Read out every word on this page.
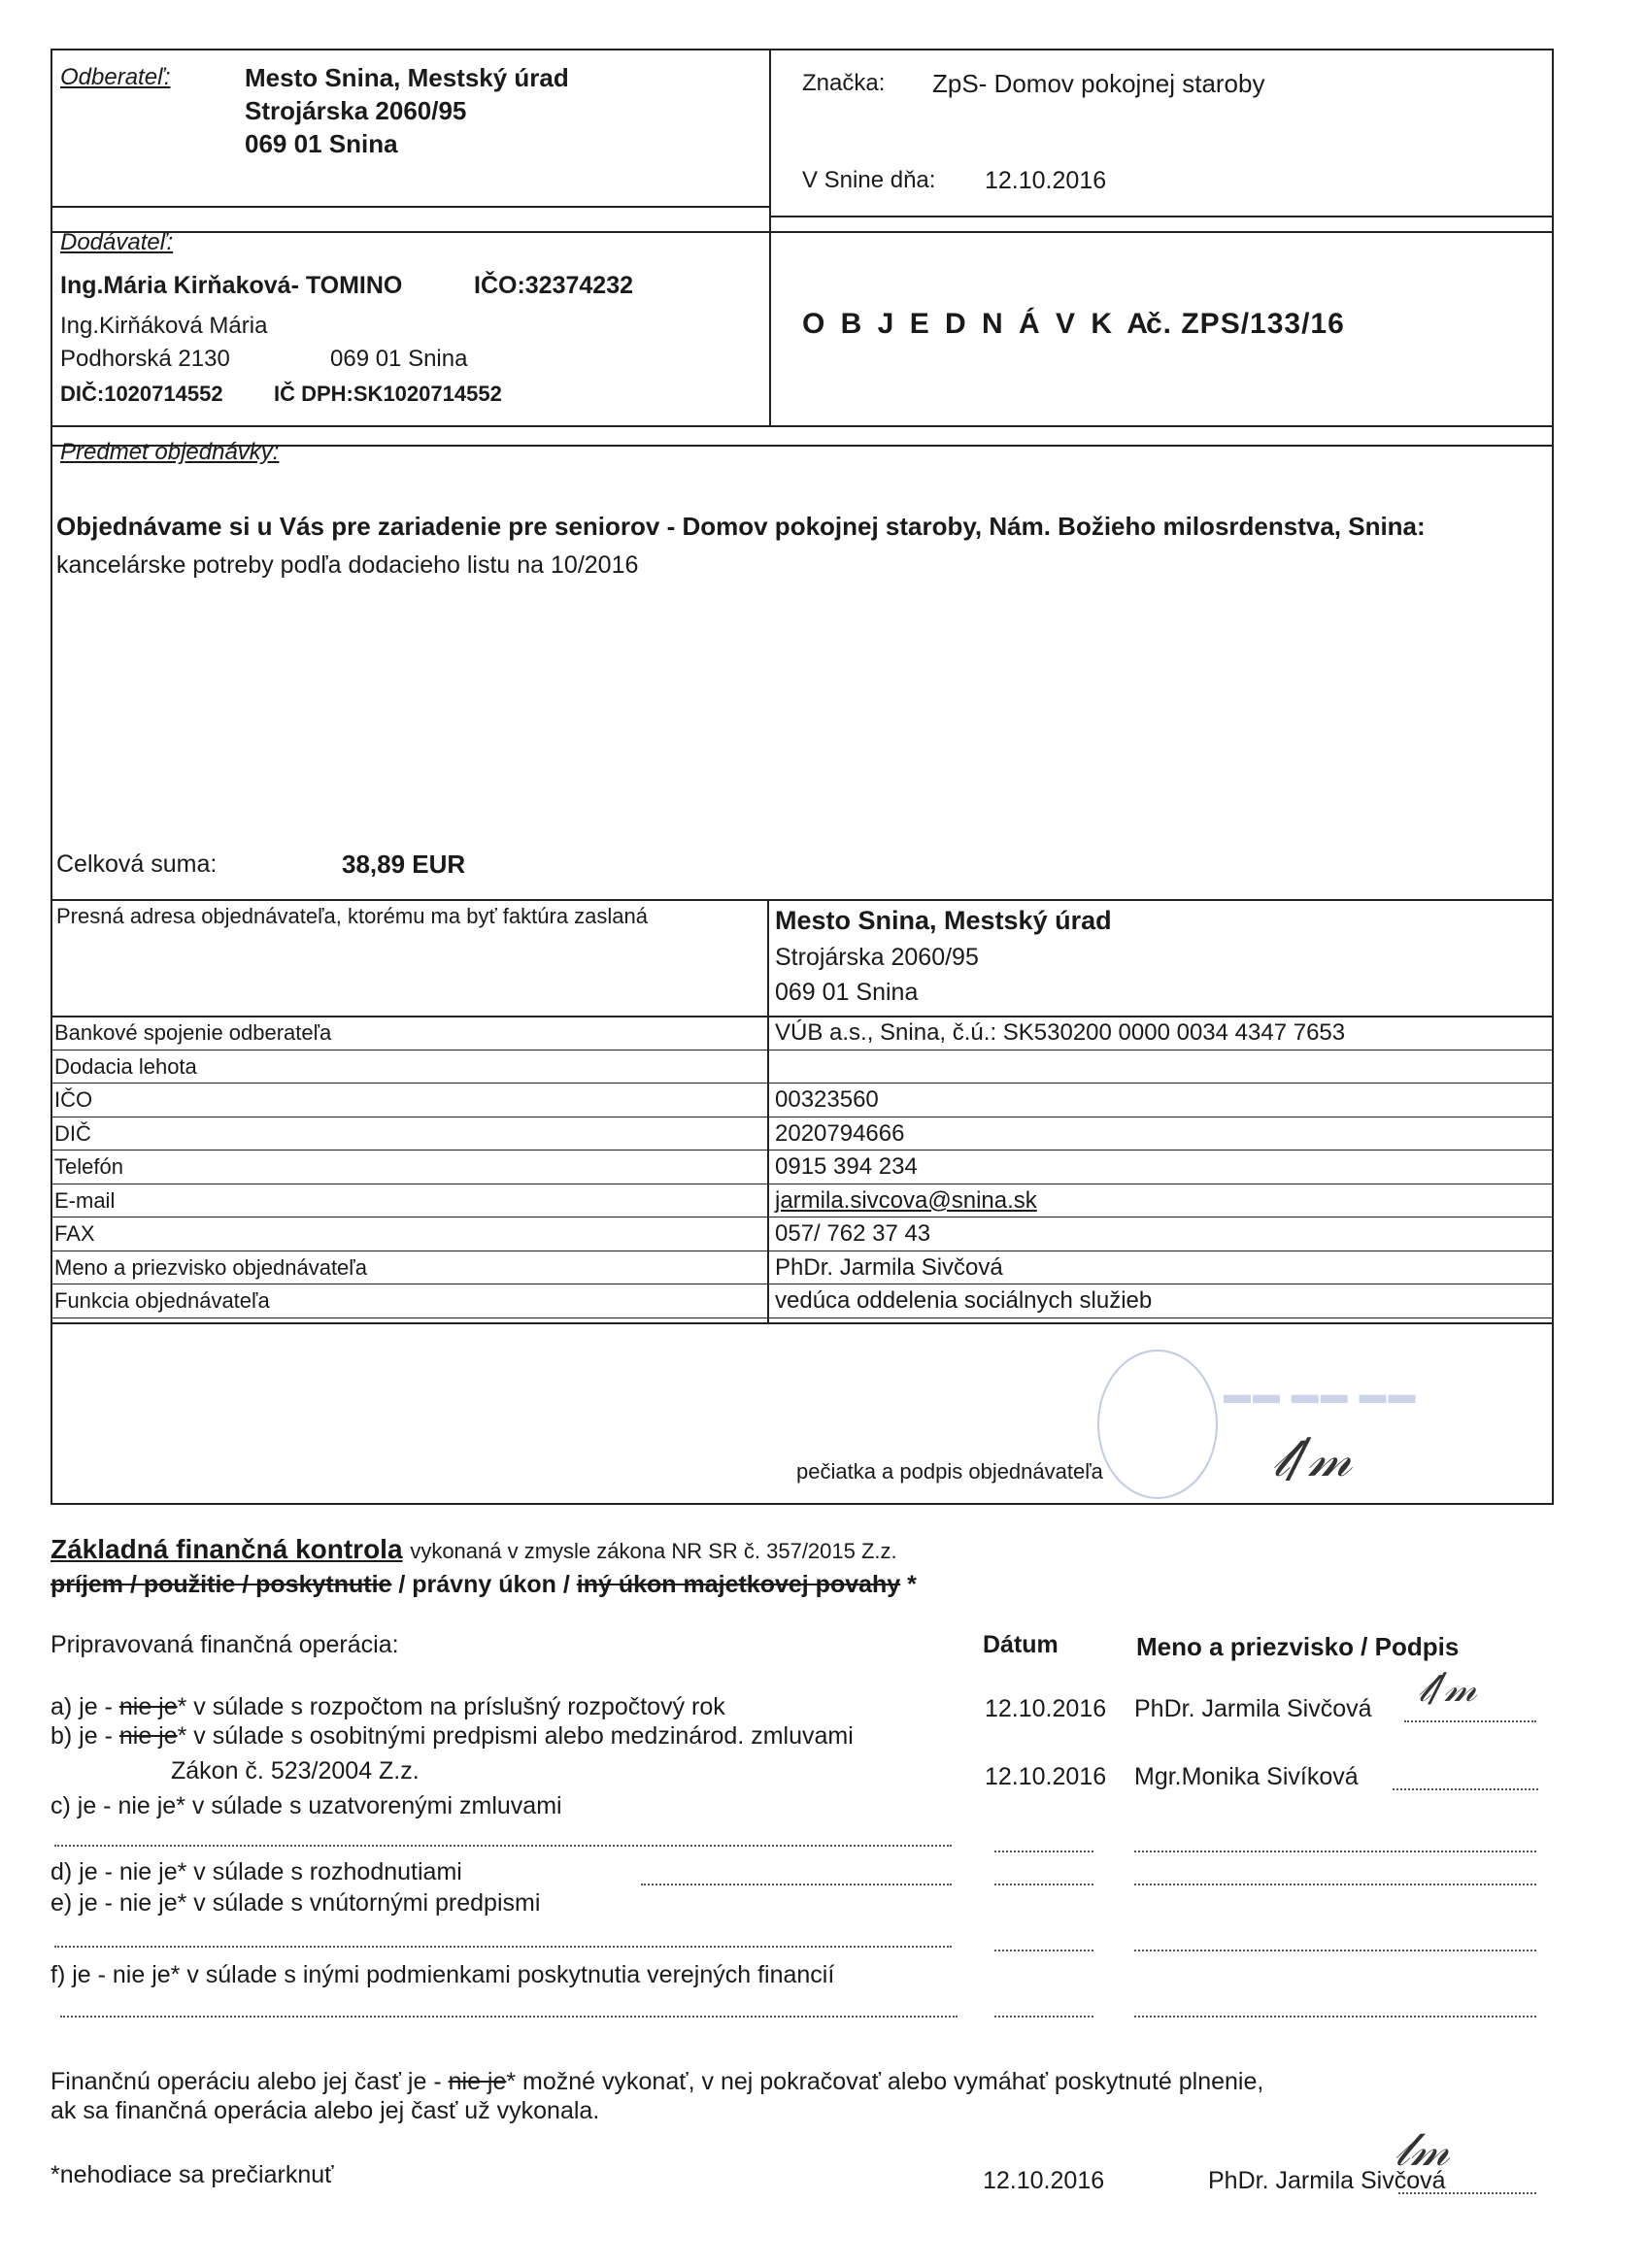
Odberateľ:	Mesto Snina, Mestský úrad
Strojárska 2060/95
069 01 Snina
Značka: ZpS- Domov pokojnej staroby
V Snine dňa: 12.10.2016
Dodávateľ:
Ing.Mária Kirňaková- TOMINO	IČO:32374232
Ing.Kirňáková Mária
Podhorská 2130	069 01 Snina
DIČ:1020714552 IČ DPH:SK1020714552
O B J E D N Á V K A
č. ZPS/133/16
Predmet objednávky:
Objednávame si u Vás pre zariadenie pre seniorov - Domov pokojnej staroby, Nám. Božieho milosrdenstva, Snina:
kancelárske potreby podľa dodacieho listu na 10/2016
Celková suma:	38,89 EUR
Presná adresa objednávateľa, ktorému ma byť faktúra zaslaná	Mesto Snina, Mestský úrad
Strojárska 2060/95
069 01 Snina
Bankové spojenie odberateľa	VÚB a.s., Snina, č.ú.: SK530200 0000 0034 4347 7653
Dodacia lehota
IČO	00323560
DIČ	2020794666
Telefón	0915 394 234
E-mail	jarmila.sivcova@snina.sk
FAX	057/ 762 37 43
Meno a priezvisko objednávateľa	PhDr. Jarmila Sivčová
Funkcia objednávateľa	vedúca oddelenia sociálnych služieb
▬▬ ▬▬ ▬▬
𝓁/𝓂
pečiatka a podpis objednávateľa
Základná finančná kontrola vykonaná v zmysle zákona NR SR č. 357/2015 Z.z.
príjem / použitie / poskytnutie / právny úkon / iný úkon majetkovej povahy *
Pripravovaná finančná operácia:	Dátum	Meno a priezvisko / Podpis
a) je - nie je* v súlade s rozpočtom na príslušný rozpočtový rok	12.10.2016 PhDr. Jarmila Sivčová 𝓁/𝓂
b) je - nie je* v súlade s osobitnými predpismi alebo medzinárod. zmluvami
Zákon č. 523/2004 Z.z.	12.10.2016 Mgr.Monika Sivíková
c) je - nie je* v súlade s uzatvorenými zmluvami
d) je - nie je* v súlade s rozhodnutiami
e) je - nie je* v súlade s vnútornými predpismi
f) je - nie je* v súlade s inými podmienkami poskytnutia verejných financií
Finančnú operáciu alebo jej časť je - nie je* možné vykonať, v nej pokračovať alebo vymáhať poskytnuté plnenie,
ak sa finančná operácia alebo jej časť už vykonala.
*nehodiace sa prečiarknuť	12.10.2016	PhDr. Jarmila Sivčová
𝓁𝓂
